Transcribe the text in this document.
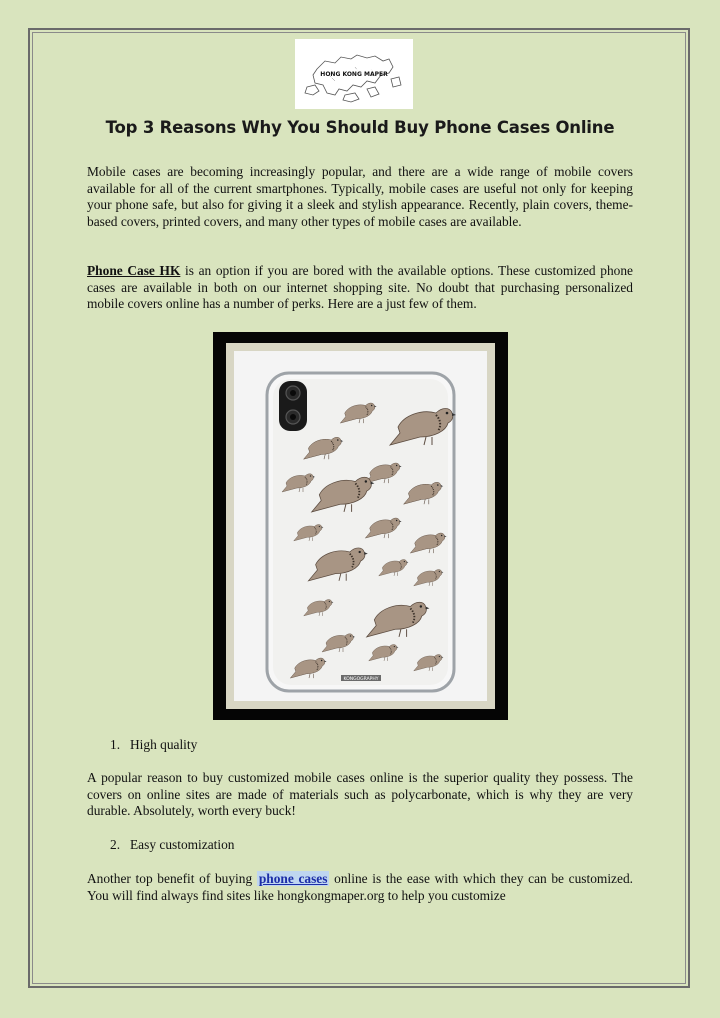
HONG KONG MAPER
Top 3 Reasons Why You Should Buy Phone Cases Online

Mobile cases are becoming increasingly popular, and there are a wide range of mobile covers available for all of the current smartphones. Typically, mobile cases are useful not only for keeping your phone safe, but also for giving it a sleek and stylish appearance. Recently, plain covers, theme-based covers, printed covers, and many other types of mobile cases are available.

Phone Case HK is an option if you are bored with the available options. These customized phone cases are available in both on our internet shopping site. No doubt that purchasing personalized mobile covers online has a number of perks. Here are a just few of them.

KONGOGRAPHY

1. High quality

A popular reason to buy customized mobile cases online is the superior quality they possess. The covers on online sites are made of materials such as polycarbonate, which is why they are very durable. Absolutely, worth every buck!

2. Easy customization

Another top benefit of buying phone cases online is the ease with which they can be customized. You will find always find sites like hongkongmaper.org to help you customize
